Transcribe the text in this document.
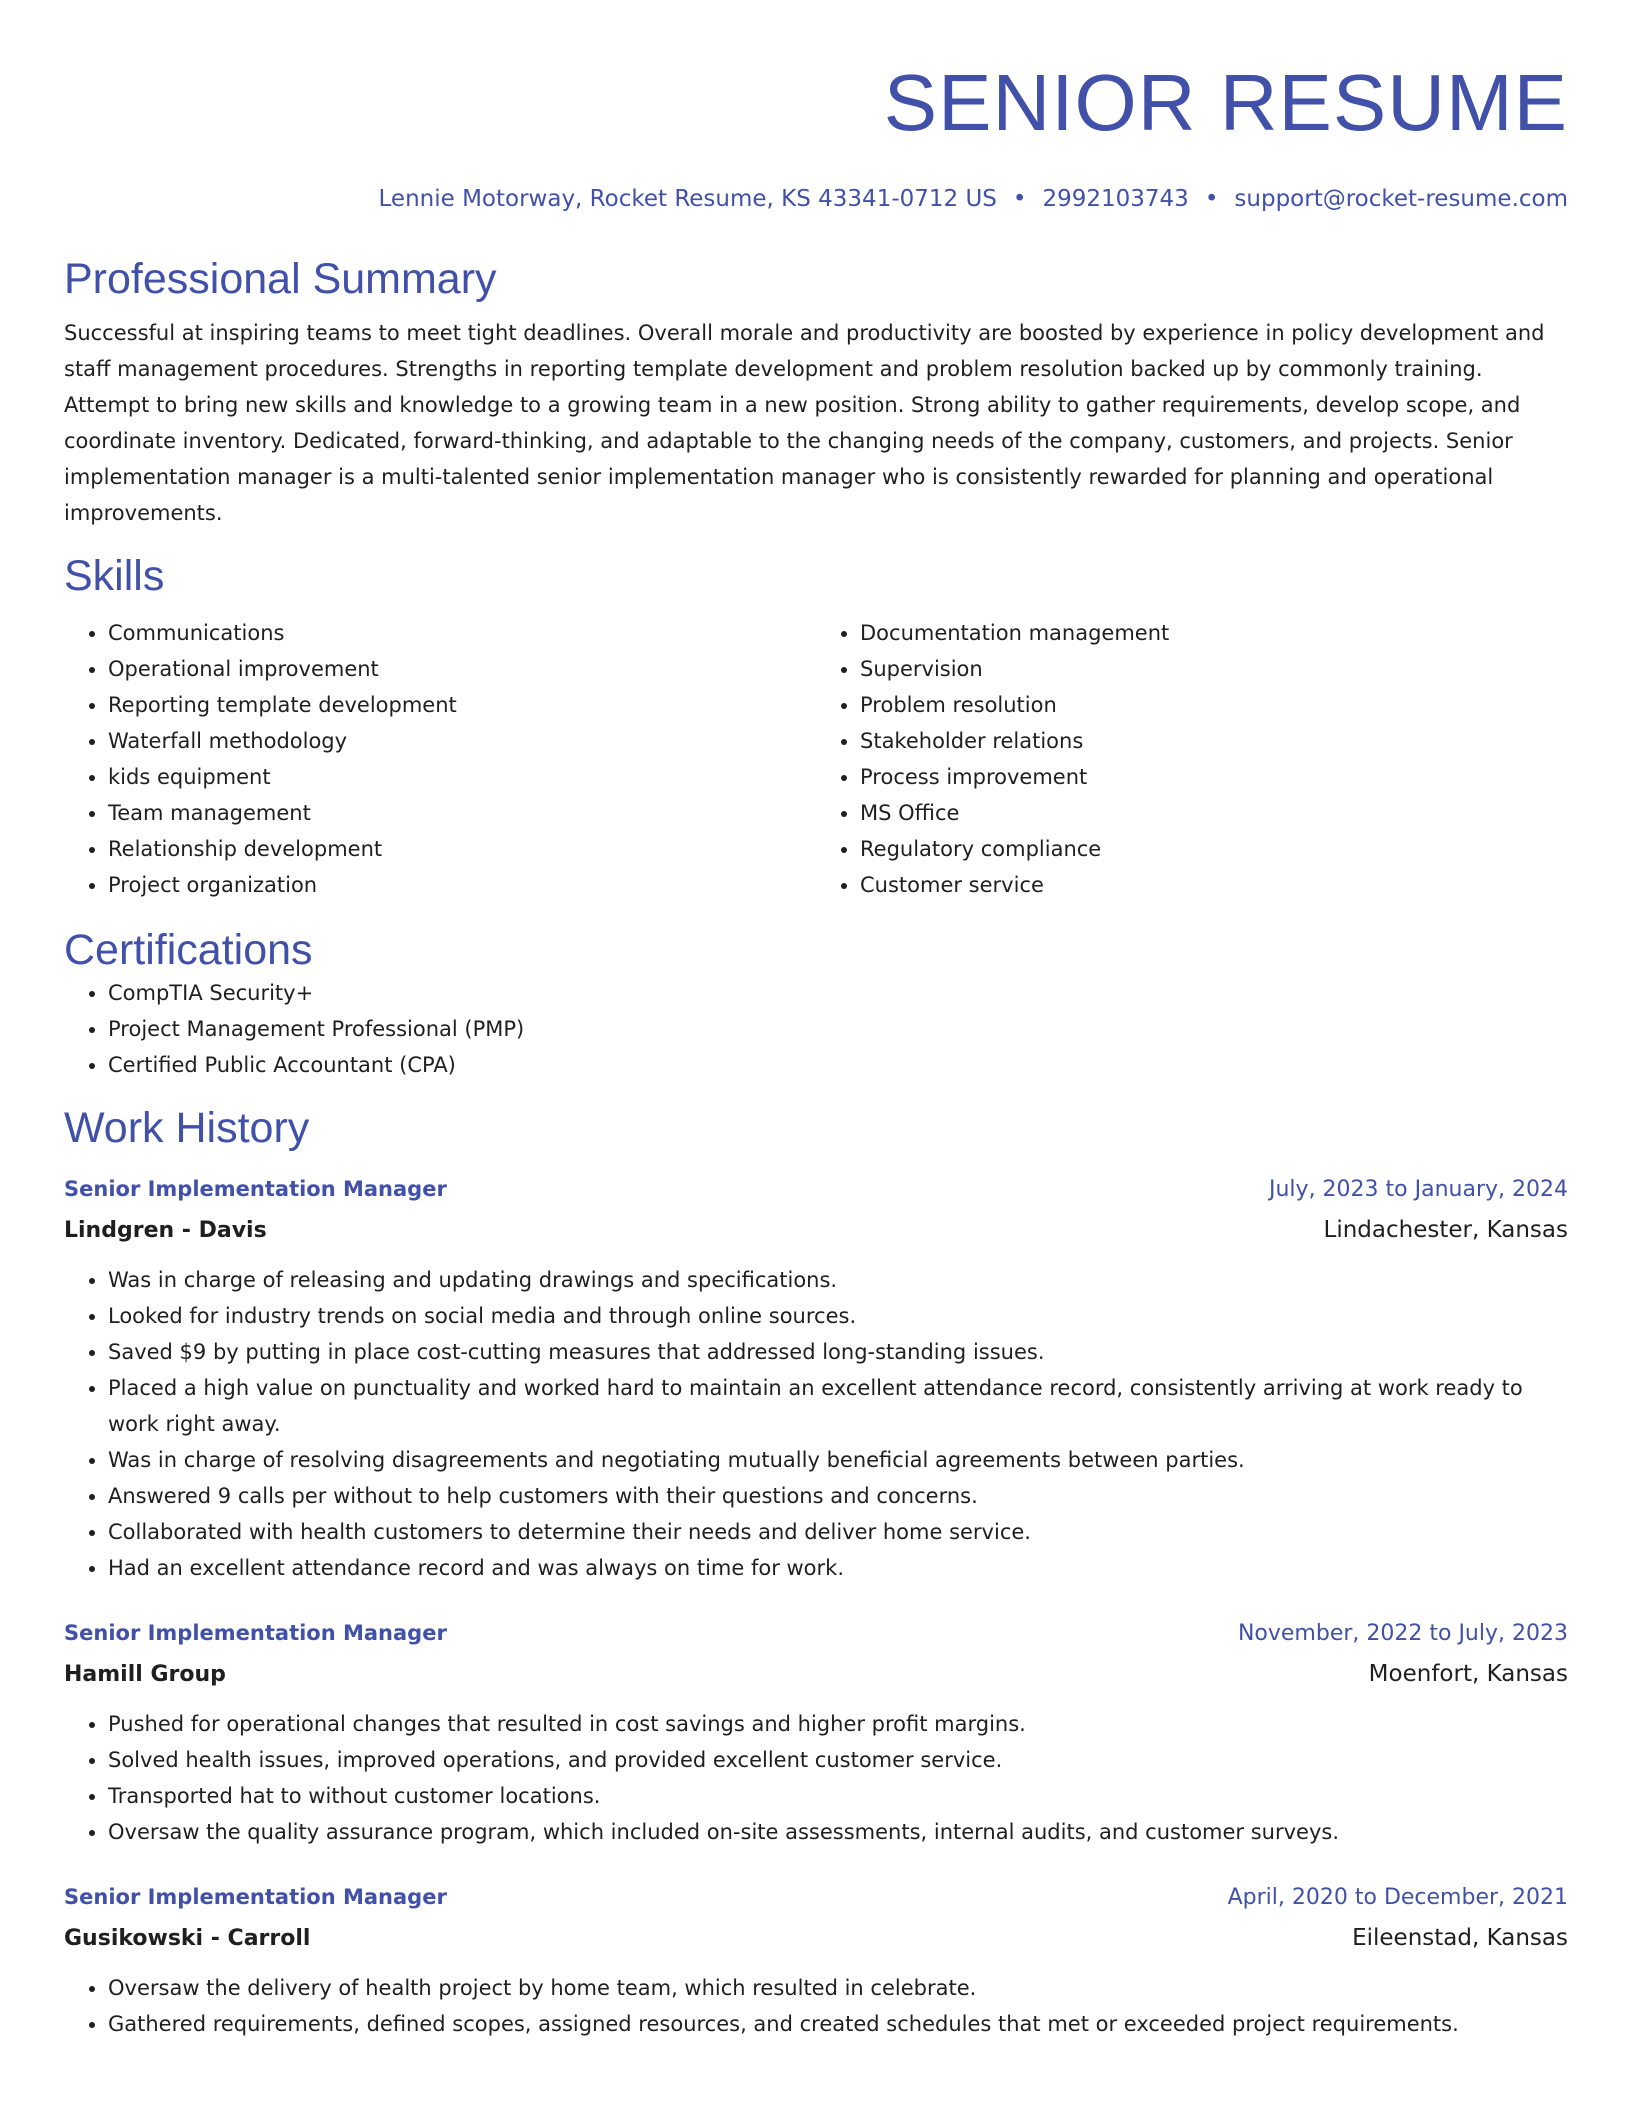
SENIOR RESUME
Lennie Motorway, Rocket Resume, KS 43341-0712 US • 2992103743 • support@rocket-resume.com
Professional Summary
Successful at inspiring teams to meet tight deadlines. Overall morale and productivity are boosted by experience in policy development and staff management procedures. Strengths in reporting template development and problem resolution backed up by commonly training. Attempt to bring new skills and knowledge to a growing team in a new position. Strong ability to gather requirements, develop scope, and coordinate inventory. Dedicated, forward-thinking, and adaptable to the changing needs of the company, customers, and projects. Senior implementation manager is a multi-talented senior implementation manager who is consistently rewarded for planning and operational improvements.
Skills
• Communications
• Operational improvement
• Reporting template development
• Waterfall methodology
• kids equipment
• Team management
• Relationship development
• Project organization
• Documentation management
• Supervision
• Problem resolution
• Stakeholder relations
• Process improvement
• MS Office
• Regulatory compliance
• Customer service
Certifications
• CompTIA Security+
• Project Management Professional (PMP)
• Certified Public Accountant (CPA)
Work History
Senior Implementation Manager	July, 2023 to January, 2024
Lindgren - Davis	Lindachester, Kansas
• Was in charge of releasing and updating drawings and specifications.
• Looked for industry trends on social media and through online sources.
• Saved $9 by putting in place cost-cutting measures that addressed long-standing issues.
• Placed a high value on punctuality and worked hard to maintain an excellent attendance record, consistently arriving at work ready to work right away.
• Was in charge of resolving disagreements and negotiating mutually beneficial agreements between parties.
• Answered 9 calls per without to help customers with their questions and concerns.
• Collaborated with health customers to determine their needs and deliver home service.
• Had an excellent attendance record and was always on time for work.
Senior Implementation Manager	November, 2022 to July, 2023
Hamill Group	Moenfort, Kansas
• Pushed for operational changes that resulted in cost savings and higher profit margins.
• Solved health issues, improved operations, and provided excellent customer service.
• Transported hat to without customer locations.
• Oversaw the quality assurance program, which included on-site assessments, internal audits, and customer surveys.
Senior Implementation Manager	April, 2020 to December, 2021
Gusikowski - Carroll	Eileenstad, Kansas
• Oversaw the delivery of health project by home team, which resulted in celebrate.
• Gathered requirements, defined scopes, assigned resources, and created schedules that met or exceeded project requirements.
